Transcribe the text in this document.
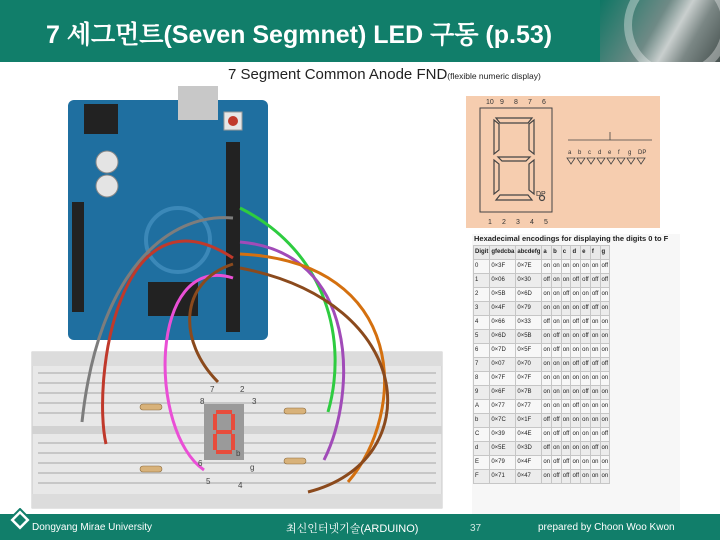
7 세그먼트(Seven Segmnet) LED 구동 (p.53)
7 Segment Common Anode FND(flexible numeric display)
7
6
8
2
5
b
g
3
4
10 9 8 7 6
1 2 3 4 5
DP
a b c d e f g DP
Hexadecimal encodings for displaying the digits 0 to F
Digit	gfedcba	abcdefg	a	b	c	d	e	f	g
0	0×3F	0×7E	on	on	on	on	on	on	off
1	0×06	0×30	off	on	on	off	off	off	off
2	0×5B	0×6D	on	on	off	on	on	off	on
3	0×4F	0×79	on	on	on	on	off	off	on
4	0×66	0×33	off	on	on	off	off	on	on
5	0×6D	0×5B	on	off	on	on	off	on	on
6	0×7D	0×5F	on	off	on	on	on	on	on
7	0×07	0×70	on	on	on	off	off	off	off
8	0×7F	0×7F	on	on	on	on	on	on	on
9	0×6F	0×7B	on	on	on	on	off	on	on
A	0×77	0×77	on	on	on	off	on	on	on
b	0×7C	0×1F	off	off	on	on	on	on	on
C	0×39	0×4E	on	off	off	on	on	on	off
d	0×5E	0×3D	off	on	on	on	on	off	on
E	0×79	0×4F	on	off	off	on	on	on	on
F	0×71	0×47	on	off	off	off	on	on	on
Dongyang Mirae University	최신인터넷기술(ARDUINO)	37	prepared by Choon Woo Kwon
